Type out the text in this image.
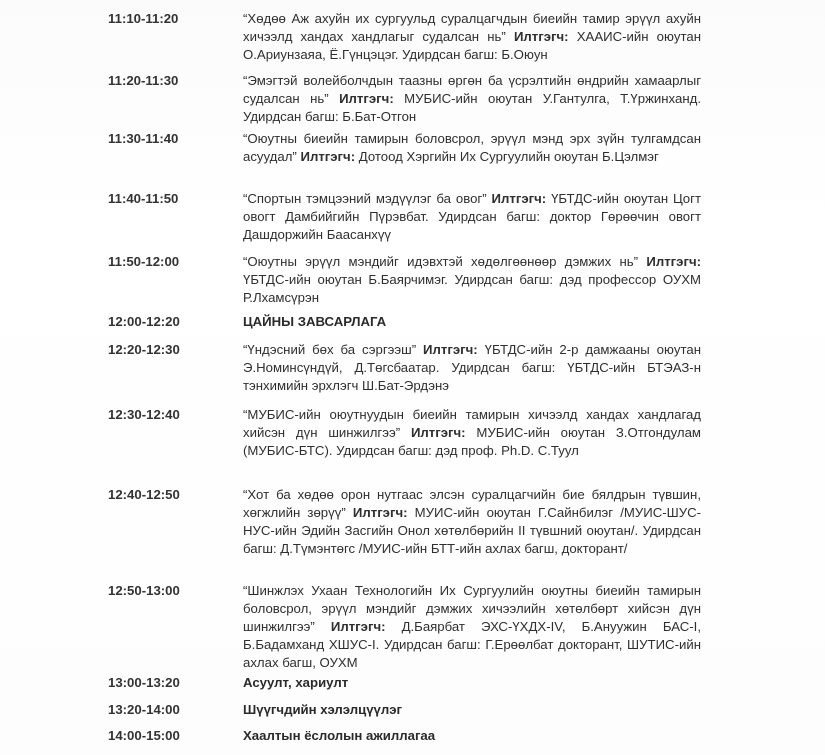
11:10-11:20	“Хөдөө Аж ахуйн их сургуульд суралцагчдын биеийн тамир эрүүл ахуйн хичээлд хандах хандлагыг судалсан нь” Илтгэгч: ХААИС-ийн оюутан О.Ариунзаяа, Ё.Гүнцэцэг. Удирдсан багш: Б.Оюун
11:20-11:30	“Эмэгтэй волейболчдын таазны өргөн ба үсрэлтийн өндрийн хамаарлыг судалсан нь” Илтгэгч: МУБИС-ийн оюутан У.Гантулга, Т.Үржинханд. Удирдсан багш: Б.Бат-Отгон
11:30-11:40	“Оюутны биеийн тамирын боловсрол, эрүүл мэнд эрх зүйн тулгамдсан асуудал” Илтгэгч: Дотоод Хэргийн Их Сургуулийн оюутан Б.Цэлмэг
11:40-11:50	“Спортын тэмцээний мэдүүлэг ба овог” Илтгэгч: ҮБТДС-ийн оюутан Цогт овогт Дамбийгийн Пүрэвбат. Удирдсан багш: доктор Гөрөөчин овогт Дашдоржийн Баасанхүү
11:50-12:00	“Оюутны эрүүл мэндийг идэвхтэй хөдөлгөөнөөр дэмжих нь” Илтгэгч: ҮБТДС-ийн оюутан Б.Баярчимэг. Удирдсан багш: дэд профессор ОУХМ Р.Лхамсүрэн
12:00-12:20	ЦАЙНЫ ЗАВСАРЛАГА
12:20-12:30	“Үндэсний бөх ба сэргээш” Илтгэгч: ҮБТДС-ийн 2-р дамжааны оюутан Э.Номинсүндүй, Д.Төгсбаатар. Удирдсан багш: ҮБТДС-ийн БТЭАЗ-н тэнхимийн эрхлэгч Ш.Бат-Эрдэнэ
12:30-12:40	“МУБИС-ийн оюутнуудын биеийн тамирын хичээлд хандах хандлагад хийсэн дүн шинжилгээ” Илтгэгч: МУБИС-ийн оюутан З.Отгондулам (МУБИС-БТС). Удирдсан багш: дэд проф. Ph.D. С.Туул
12:40-12:50	“Хот ба хөдөө орон нутгаас элсэн суралцагчийн бие бялдрын түвшин, хөгжлийн зөрүү” Илтгэгч: МУИС-ийн оюутан Г.Сайнбилэг /МУИС-ШУС-НУС-ийн Эдийн Засгийн Онол хөтөлбөрийн II түвшний оюутан/. Удирдсан багш: Д.Түмэнтөгс /МУИС-ийн БТТ-ийн ахлах багш, докторант/
12:50-13:00	“Шинжлэх Ухаан Технологийн Их Сургуулийн оюутны биеийн тамирын боловсрол, эрүүл мэндийг дэмжих хичээлийн хөтөлбөрт хийсэн дүн шинжилгээ” Илтгэгч: Д.Баярбат ЭХС-ҮХДХ-IV, Б.Ануужин БАС-I, Б.Бадамханд ХШУС-I. Удирдсан багш: Г.Ерөөлбат докторант, ШУТИС-ийн ахлах багш, ОУХМ
13:00-13:20	Асуулт, хариулт
13:20-14:00	Шүүгчдийн хэлэлцүүлэг
14:00-15:00	Хаалтын ёслолын ажиллагаа
